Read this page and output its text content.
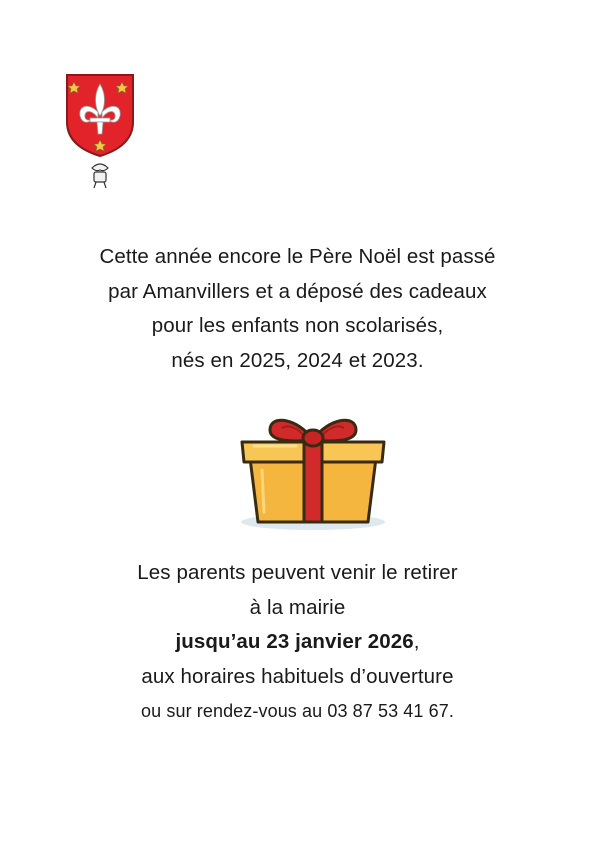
Cette année encore le Père Noël est passé
par Amanvillers et a déposé des cadeaux
pour les enfants non scolarisés,
nés en 2025, 2024 et 2023.
Les parents peuvent venir le retirer
à la mairie
jusqu’au 23 janvier 2026,
aux horaires habituels d’ouverture
ou sur rendez-vous au 03 87 53 41 67.
